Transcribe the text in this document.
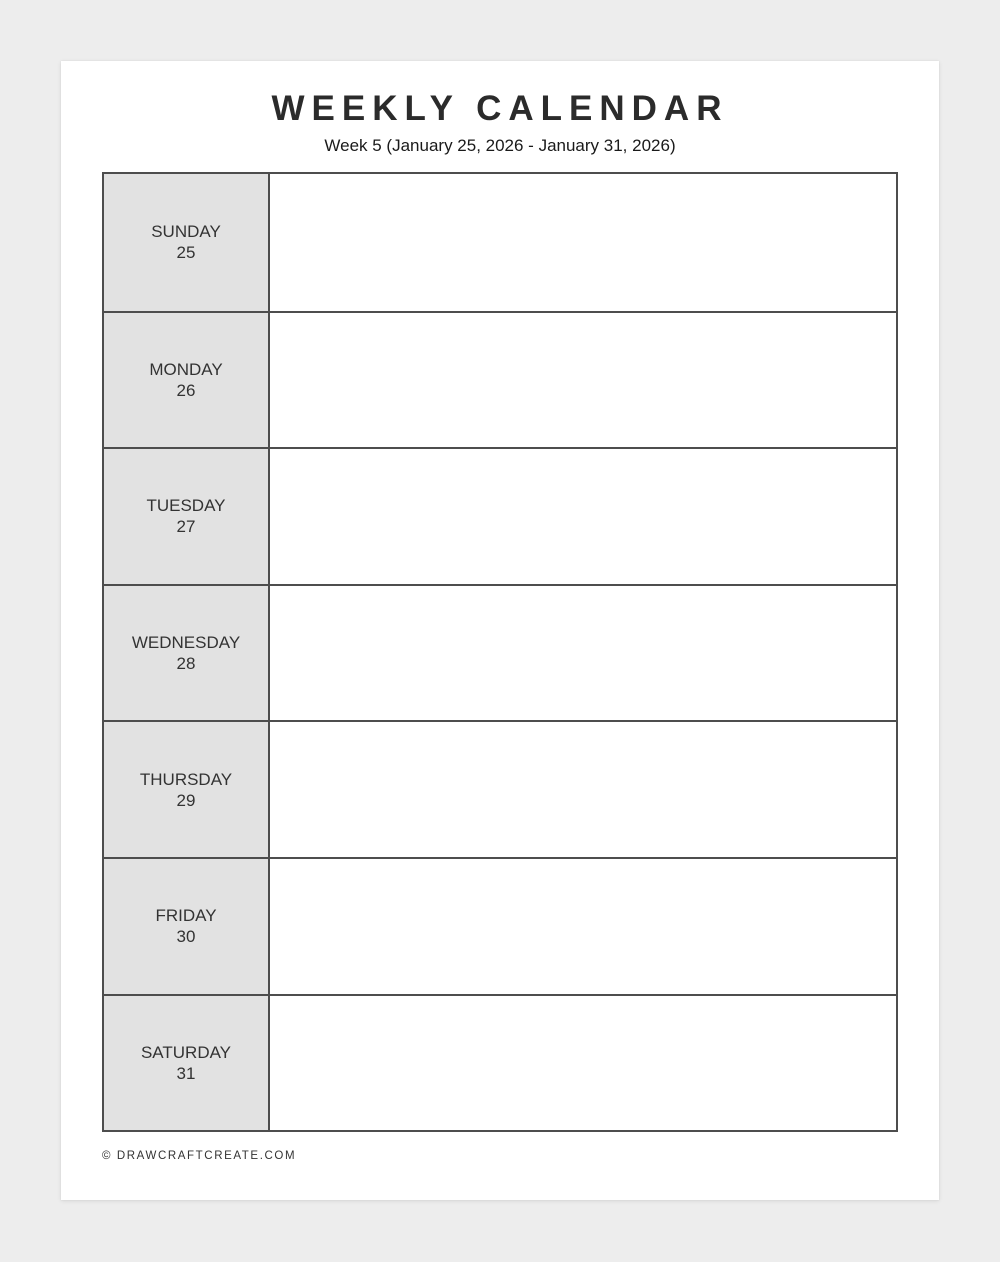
WEEKLY CALENDAR

Week 5 (January 25, 2026 - January 31, 2026)

SUNDAY
25
MONDAY
26
TUESDAY
27
WEDNESDAY
28
THURSDAY
29
FRIDAY
30
SATURDAY
31

© DRAWCRAFTCREATE.COM
